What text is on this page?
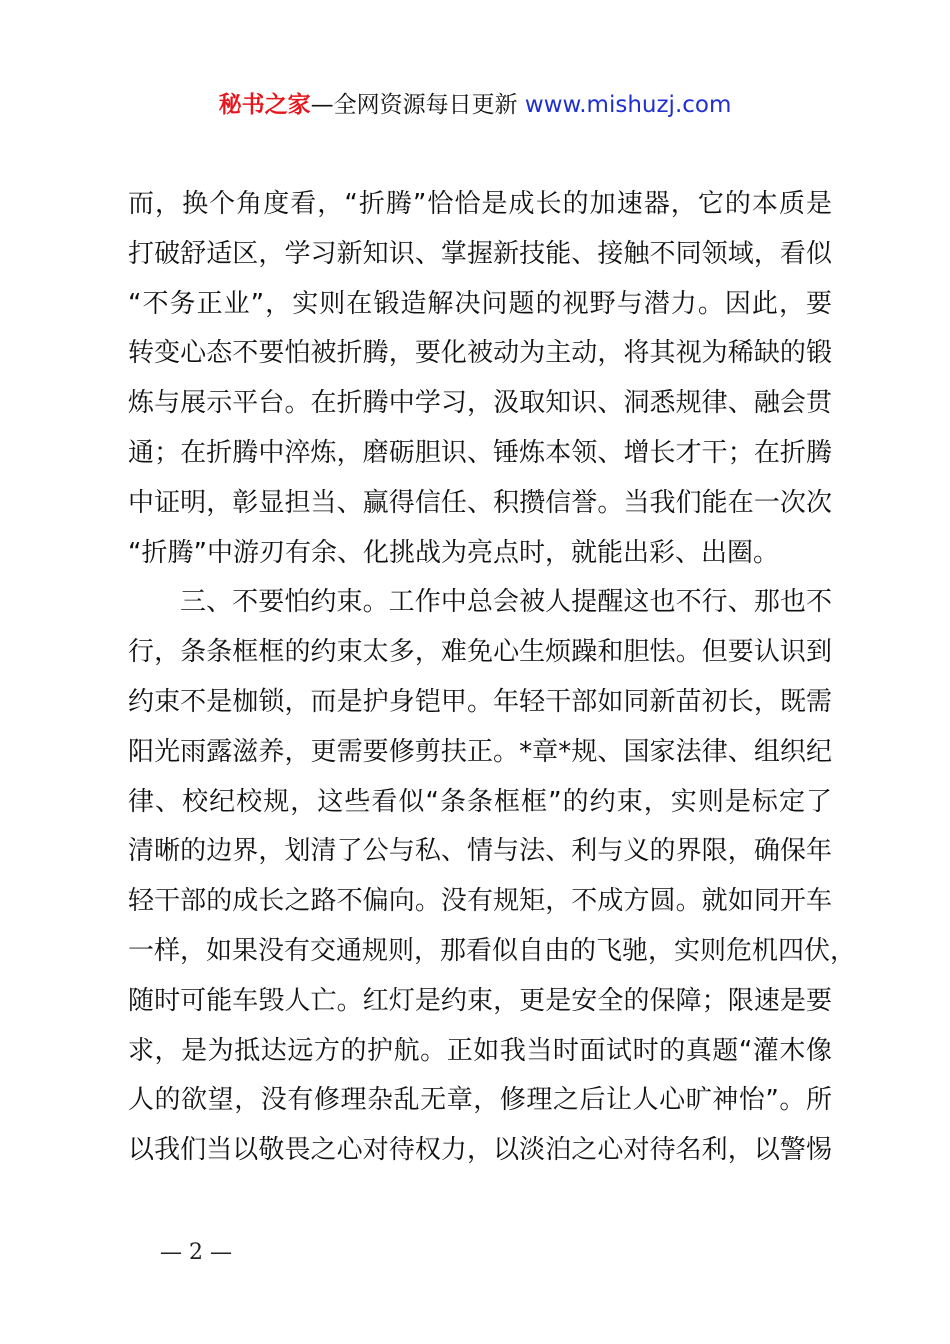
秘书之家—全网资源每日更新 www.mishuzj.com
而，换个角度看，“折腾”恰恰是成长的加速器，它的本质是
打破舒适区，学习新知识、掌握新技能、接触不同领域，看似
“不务正业”，实则在锻造解决问题的视野与潜力。因此，要
转变心态不要怕被折腾，要化被动为主动，将其视为稀缺的锻
炼与展示平台。在折腾中学习，汲取知识、洞悉规律、融会贯
通；在折腾中淬炼，磨砺胆识、锤炼本领、增长才干；在折腾
中证明，彰显担当、赢得信任、积攒信誉。当我们能在一次次
“折腾”中游刃有余、化挑战为亮点时，就能出彩、出圈。
三、不要怕约束。工作中总会被人提醒这也不行、那也不
行，条条框框的约束太多，难免心生烦躁和胆怯。但要认识到
约束不是枷锁，而是护身铠甲。年轻干部如同新苗初长，既需
阳光雨露滋养，更需要修剪扶正。*章*规、国家法律、组织纪
律、校纪校规，这些看似“条条框框”的约束，实则是标定了
清晰的边界，划清了公与私、情与法、利与义的界限，确保年
轻干部的成长之路不偏向。没有规矩，不成方圆。就如同开车
一样，如果没有交通规则，那看似自由的飞驰，实则危机四伏，
随时可能车毁人亡。红灯是约束，更是安全的保障；限速是要
求，是为抵达远方的护航。正如我当时面试时的真题“灌木像
人的欲望，没有修理杂乱无章，修理之后让人心旷神怡”。所
以我们当以敬畏之心对待权力，以淡泊之心对待名利，以警惕
— 2 —
